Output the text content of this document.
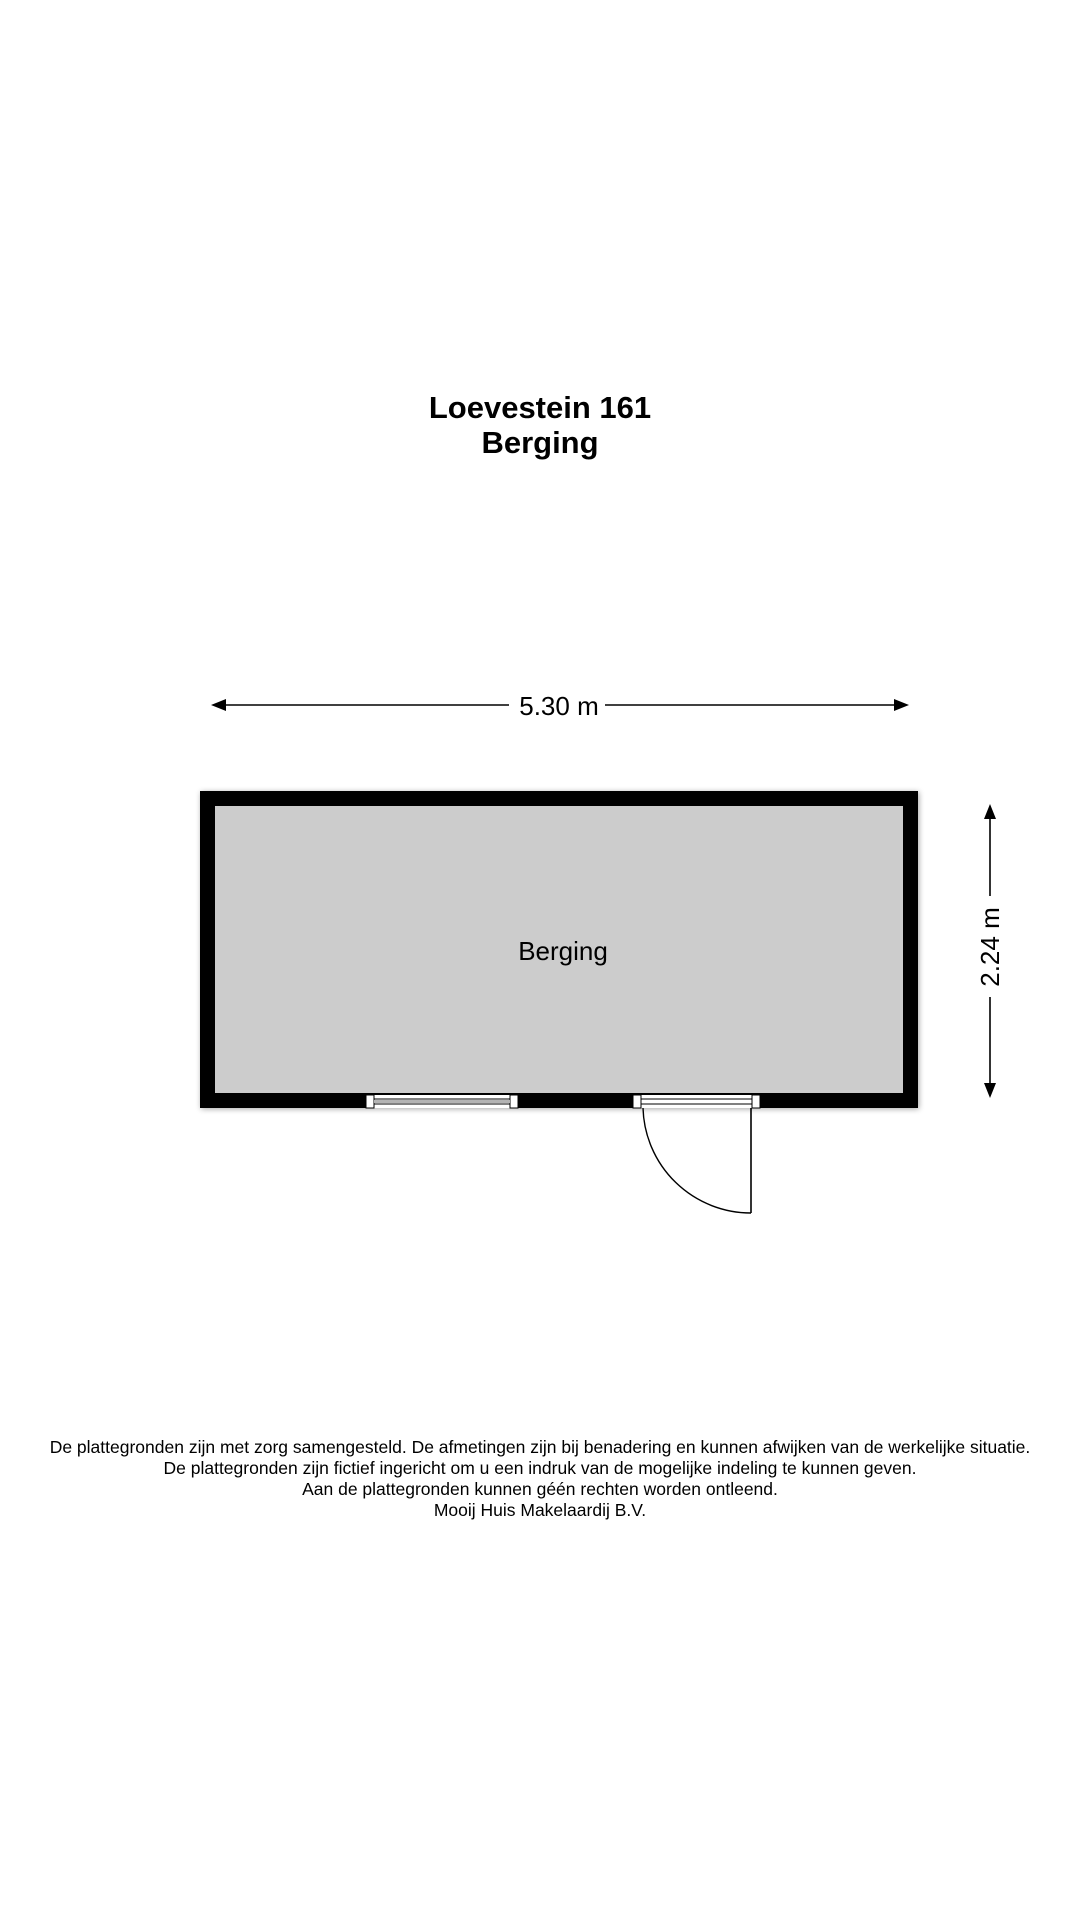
Loevestein 161
Berging
5.30 m
2.24 m
Berging
De plattegronden zijn met zorg samengesteld. De afmetingen zijn bij benadering en kunnen afwijken van de werkelijke situatie.
De plattegronden zijn fictief ingericht om u een indruk van de mogelijke indeling te kunnen geven.
Aan de plattegronden kunnen géén rechten worden ontleend.
Mooij Huis Makelaardij B.V.
